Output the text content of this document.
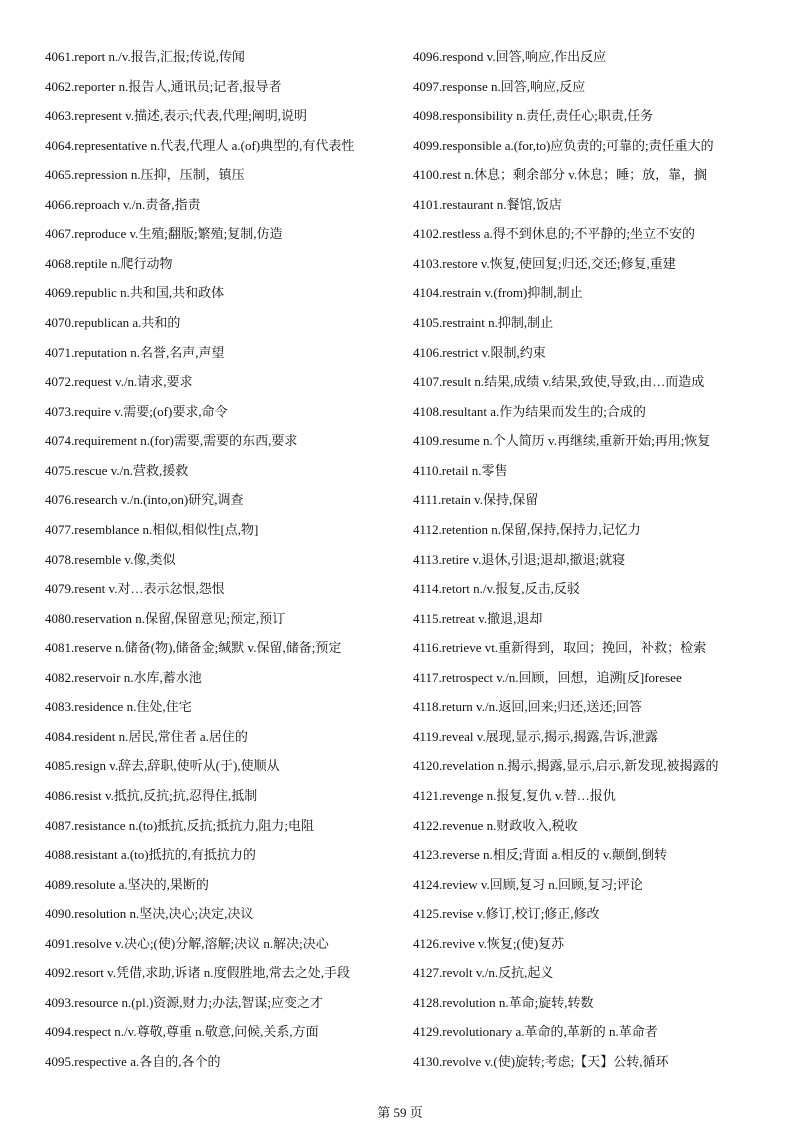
4061.report n./v.报告,汇报;传说,传闻
4062.reporter n.报告人,通讯员;记者,报导者
4063.represent v.描述,表示;代表,代理;阐明,说明
4064.representative n.代表,代理人 a.(of)典型的,有代表性
4065.repression n.压抑，压制，镇压
4066.reproach v./n.责备,指责
4067.reproduce v.生殖;翻版;繁殖;复制,仿造
4068.reptile n.爬行动物
4069.republic n.共和国,共和政体
4070.republican a.共和的
4071.reputation n.名誉,名声,声望
4072.request v./n.请求,要求
4073.require v.需要;(of)要求,命令
4074.requirement n.(for)需要,需要的东西,要求
4075.rescue v./n.营救,援救
4076.research v./n.(into,on)研究,调查
4077.resemblance n.相似,相似性[点,物]
4078.resemble v.像,类似
4079.resent v.对…表示忿恨,怨恨
4080.reservation n.保留,保留意见;预定,预订
4081.reserve n.储备(物),储备金;缄默 v.保留,储备;预定
4082.reservoir n.水库,蓄水池
4083.residence n.住处,住宅
4084.resident n.居民,常住者 a.居住的
4085.resign v.辞去,辞职,使听从(于),使顺从
4086.resist v.抵抗,反抗;抗,忍得住,抵制
4087.resistance n.(to)抵抗,反抗;抵抗力,阻力;电阻
4088.resistant a.(to)抵抗的,有抵抗力的
4089.resolute a.坚决的,果断的
4090.resolution n.坚决,决心;决定,决议
4091.resolve v.决心;(使)分解,溶解;决议 n.解决;决心
4092.resort v.凭借,求助,诉诸 n.度假胜地,常去之处,手段
4093.resource n.(pl.)资源,财力;办法,智谋;应变之才
4094.respect n./v.尊敬,尊重 n.敬意,问候,关系,方面
4095.respective a.各自的,各个的
4096.respond v.回答,响应,作出反应
4097.response n.回答,响应,反应
4098.responsibility n.责任,责任心;职责,任务
4099.responsible a.(for,to)应负责的;可靠的;责任重大的
4100.rest n.休息；剩余部分 v.休息；睡；放，靠，搁
4101.restaurant n.餐馆,饭店
4102.restless a.得不到休息的;不平静的;坐立不安的
4103.restore v.恢复,使回复;归还,交还;修复,重建
4104.restrain v.(from)抑制,制止
4105.restraint n.抑制,制止
4106.restrict v.限制,约束
4107.result n.结果,成绩 v.结果,致使,导致,由…而造成
4108.resultant a.作为结果而发生的;合成的
4109.resume n.个人简历 v.再继续,重新开始;再用;恢复
4110.retail n.零售
4111.retain v.保持,保留
4112.retention n.保留,保持,保持力,记忆力
4113.retire v.退休,引退;退却,撤退;就寝
4114.retort n./v.报复,反击,反驳
4115.retreat v.撤退,退却
4116.retrieve vt.重新得到，取回；挽回，补救；检索
4117.retrospect v./n.回顾，回想，追溯[反]foresee
4118.return v./n.返回,回来;归还,送还;回答
4119.reveal v.展现,显示,揭示,揭露,告诉,泄露
4120.revelation n.揭示,揭露,显示,启示,新发现,被揭露的
4121.revenge n.报复,复仇 v.替…报仇
4122.revenue n.财政收入,税收
4123.reverse n.相反;背面 a.相反的 v.颠倒,倒转
4124.review v.回顾,复习 n.回顾,复习;评论
4125.revise v.修订,校订;修正,修改
4126.revive v.恢复;(使)复苏
4127.revolt v./n.反抗,起义
4128.revolution n.革命;旋转,转数
4129.revolutionary a.革命的,革新的 n.革命者
4130.revolve v.(使)旋转;考虑;【天】公转,循环
第 59 页
